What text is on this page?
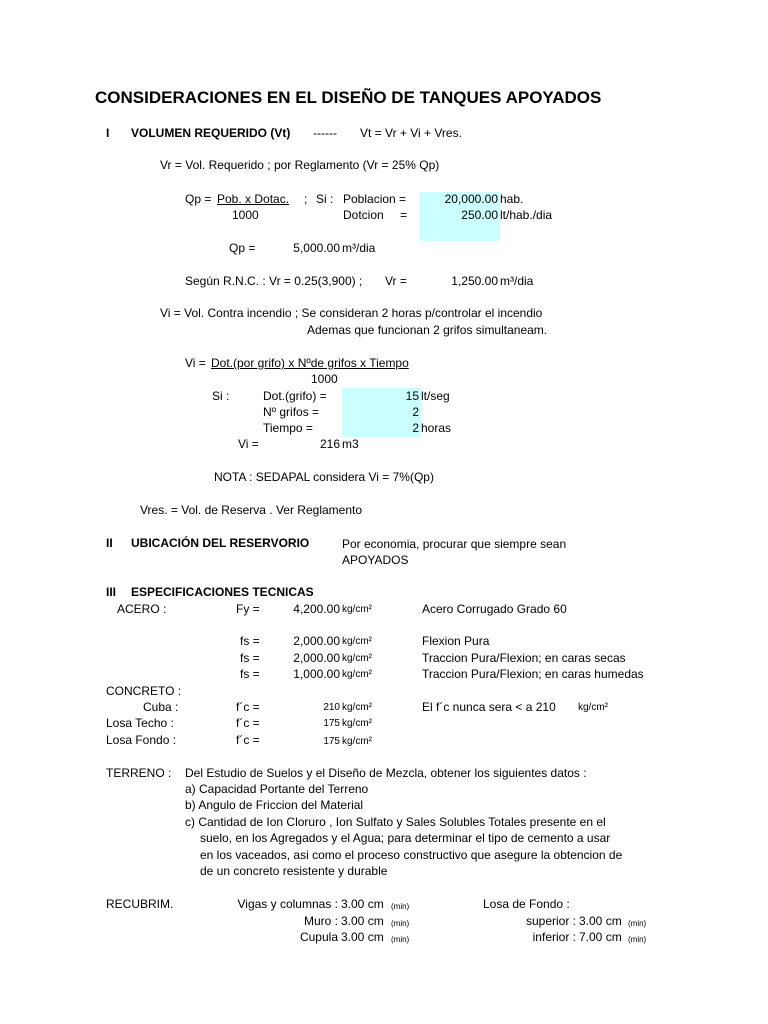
CONSIDERACIONES EN EL DISEÑO DE TANQUES APOYADOS
I VOLUMEN REQUERIDO (Vt) ------ Vt = Vr + Vi + Vres.
Vr = Vol. Requerido ; por Reglamento (Vr = 25% Qp)
Qp = Pob. x Dotac. ; Si :
1000
Poblacion =	20,000.00 hab.
Dotcion =	250.00 lt/hab./dia
Qp =	5,000.00 m³/dia
Según R.N.C. : Vr = 0.25(3,900) ; Vr =	1,250.00 m³/dia
Vi = Vol. Contra incendio ; Se consideran 2 horas p/controlar el incendio
Ademas que funcionan 2 grifos simultaneam.
Vi = Dot.(por grifo) x Nºde grifos x Tiempo
1000
Si :	Dot.(grifo) =	15 lt/seg
Nº grifos =	2
Tiempo =	2 horas
Vi =	216 m3
NOTA : SEDAPAL considera Vi = 7%(Qp)
Vres. = Vol. de Reserva . Ver Reglamento
II UBICACIÓN DEL RESERVORIO	Por economia, procurar que siempre sean
APOYADOS
III ESPECIFICACIONES TECNICAS
ACERO :	Fy =	4,200.00 kg/cm²	Acero Corrugado Grado 60
fs =	2,000.00 kg/cm²	Flexion Pura
fs =	2,000.00 kg/cm²	Traccion Pura/Flexion; en caras secas
fs =	1,000.00 kg/cm²	Traccion Pura/Flexion; en caras humedas
CONCRETO :
Cuba :	f´c =	210 kg/cm²	El f´c nunca sera < a 210 kg/cm²
Losa Techo :	f´c =	175 kg/cm²
Losa Fondo :	f´c =	175 kg/cm²
TERRENO : Del Estudio de Suelos y el Diseño de Mezcla, obtener los siguientes datos :
a) Capacidad Portante del Terreno
b) Angulo de Friccion del Material
c) Cantidad de Ion Cloruro , Ion Sulfato y Sales Solubles Totales presente en el
suelo, en los Agregados y el Agua; para determinar el tipo de cemento a usar
en los vaceados, asi como el proceso constructivo que asegure la obtencion de
de un concreto resistente y durable
RECUBRIM.	Vigas y columnas : 3.00 cm (min)
Muro : 3.00 cm (min)
Cupula 3.00 cm (min)
Losa de Fondo :
superior : 3.00 cm (min)
inferior : 7.00 cm (min)
